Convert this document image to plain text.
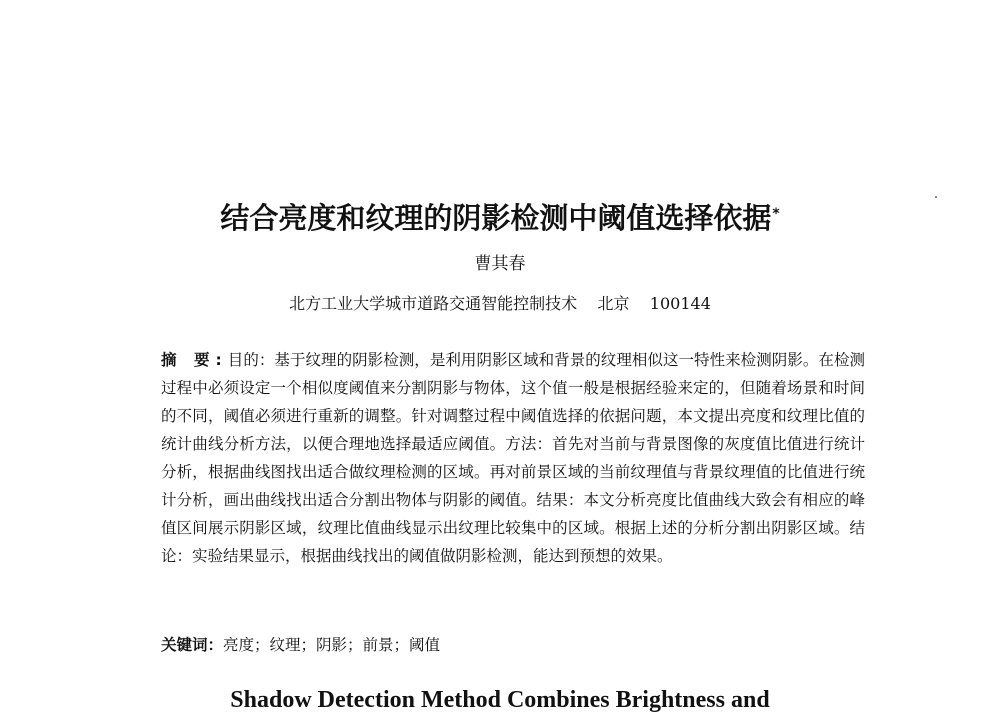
结合亮度和纹理的阴影检测中阈值选择依据*
曹其春
北方工业大学城市道路交通智能控制技术    北京    100144
摘 要:目的：基于纹理的阴影检测，是利用阴影区域和背景的纹理相似这一特性来检测阴影。在检测过程中必须设定一个相似度阈值来分割阴影与物体，这个值一般是根据经验来定的，但随着场景和时间的不同，阈值必须进行重新的调整。针对调整过程中阈值选择的依据问题，本文提出亮度和纹理比值的统计曲线分析方法，以便合理地选择最适应阈值。方法：首先对当前与背景图像的灰度值比值进行统计分析，根据曲线图找出适合做纹理检测的区域。再对前景区域的当前纹理值与背景纹理值的比值进行统计分析，画出曲线找出适合分割出物体与阴影的阈值。结果：本文分析亮度比值曲线大致会有相应的峰值区间展示阴影区域，纹理比值曲线显示出纹理比较集中的区域。根据上述的分析分割出阴影区域。结论：实验结果显示，根据曲线找出的阈值做阴影检测，能达到预想的效果。
关键词：亮度；纹理；阴影；前景；阈值
Shadow Detection Method Combines Brightness and
